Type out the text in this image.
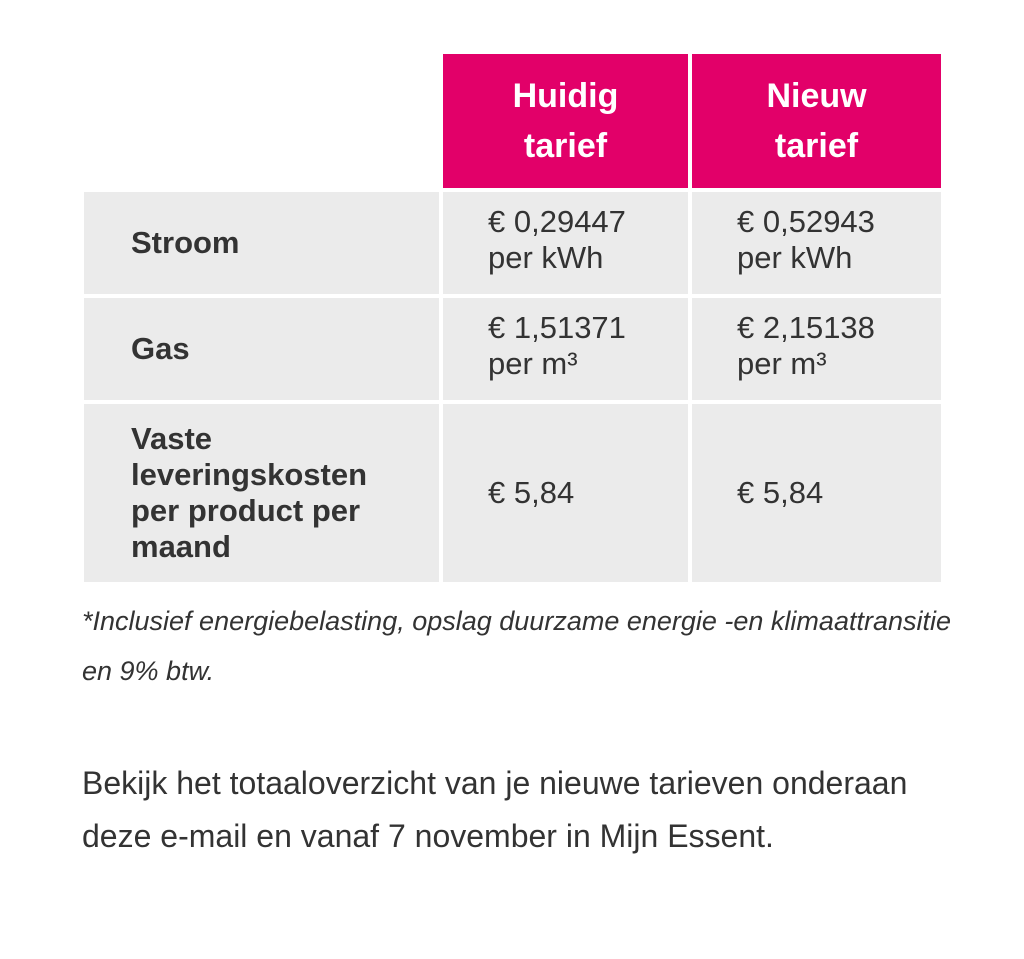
Huidig tarief
Nieuw tarief
Stroom
€ 0,29447 per kWh
€ 0,52943 per kWh
Gas
€ 1,51371 per m³
€ 2,15138 per m³
Vaste leveringskosten per product per maand
€ 5,84	€ 5,84

*Inclusief energiebelasting, opslag duurzame energie -en klimaattransitie en 9% btw.

Bekijk het totaaloverzicht van je nieuwe tarieven onderaan deze e-mail en vanaf 7 november in Mijn Essent.
